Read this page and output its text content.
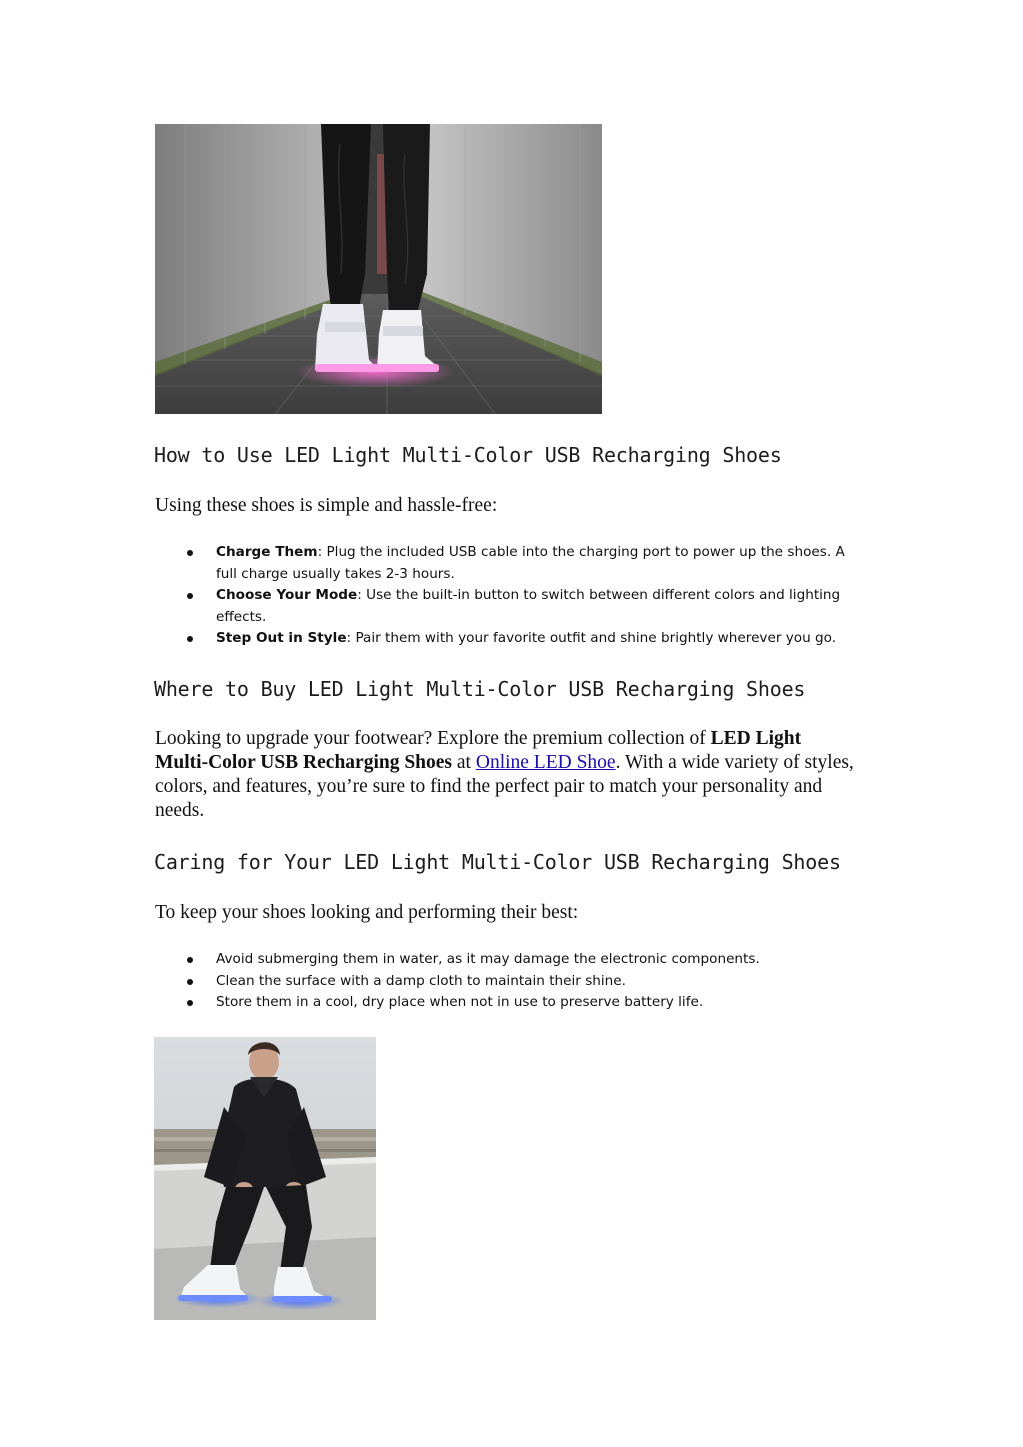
How to Use LED Light Multi-Color USB Recharging Shoes

Using these shoes is simple and hassle-free:

Charge Them: Plug the included USB cable into the charging port to power up the shoes. A full charge usually takes 2-3 hours.
Choose Your Mode: Use the built-in button to switch between different colors and lighting effects.
Step Out in Style: Pair them with your favorite outfit and shine brightly wherever you go.
Where to Buy LED Light Multi-Color USB Recharging Shoes

Looking to upgrade your footwear? Explore the premium collection of LED Light Multi-Color USB Recharging Shoes at Online LED Shoe. With a wide variety of styles, colors, and features, you’re sure to find the perfect pair to match your personality and needs.

Caring for Your LED Light Multi-Color USB Recharging Shoes

To keep your shoes looking and performing their best:

Avoid submerging them in water, as it may damage the electronic components.
Clean the surface with a damp cloth to maintain their shine.
Store them in a cool, dry place when not in use to preserve battery life.
